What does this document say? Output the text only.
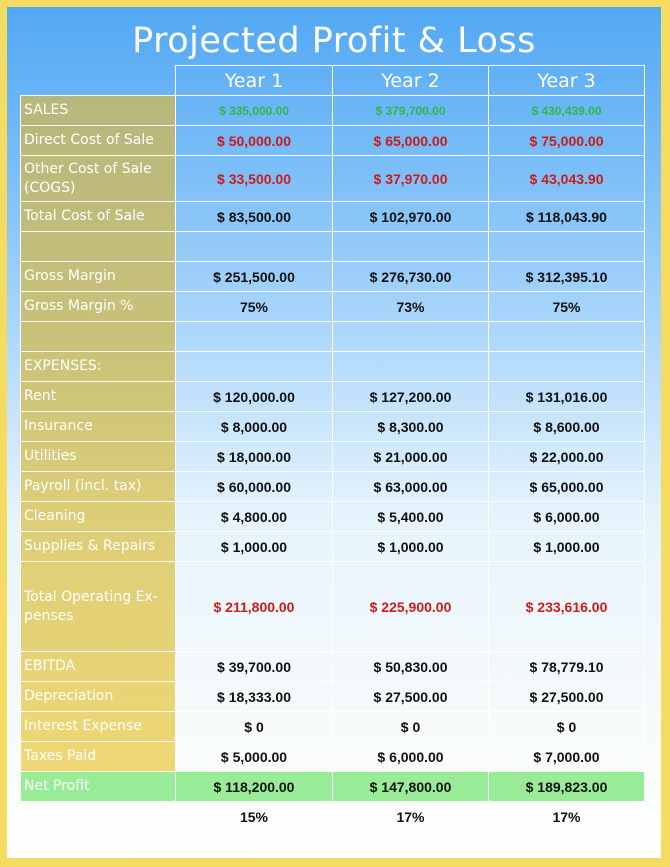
Projected Profit & Loss
	Year 1	Year 2	Year 3
SALES	$ 335,000.00	$ 379,700.00	$ 430,439.00
Direct Cost of Sale	$ 50,000.00	$ 65,000.00	$ 75,000.00
Other Cost of Sale (COGS)	$ 33,500.00	$ 37,970.00	$ 43,043.90
Total Cost of Sale	$ 83,500.00	$ 102,970.00	$ 118,043.90

Gross Margin	$ 251,500.00	$ 276,730.00	$ 312,395.10
Gross Margin %	75%	73%	75%

EXPENSES:			
Rent	$ 120,000.00	$ 127,200.00	$ 131,016.00
Insurance	$ 8,000.00	$ 8,300.00	$ 8,600.00
Utilities	$ 18,000.00	$ 21,000.00	$ 22,000.00
Payroll (incl. tax)	$ 60,000.00	$ 63,000.00	$ 65,000.00
Cleaning	$ 4,800.00	$ 5,400.00	$ 6,000.00
Supplies & Repairs	$ 1,000.00	$ 1,000.00	$ 1,000.00
Total Operating Ex-penses	$ 211,800.00	$ 225,900.00	$ 233,616.00
EBITDA	$ 39,700.00	$ 50,830.00	$ 78,779.10
Depreciation	$ 18,333.00	$ 27,500.00	$ 27,500.00
Interest Expense	$ 0	$ 0	$ 0
Taxes Paid	$ 5,000.00	$ 6,000.00	$ 7,000.00
Net Profit	$ 118,200.00	$ 147,800.00	$ 189,823.00
Net Profit/Sales %	15%	17%	17%
